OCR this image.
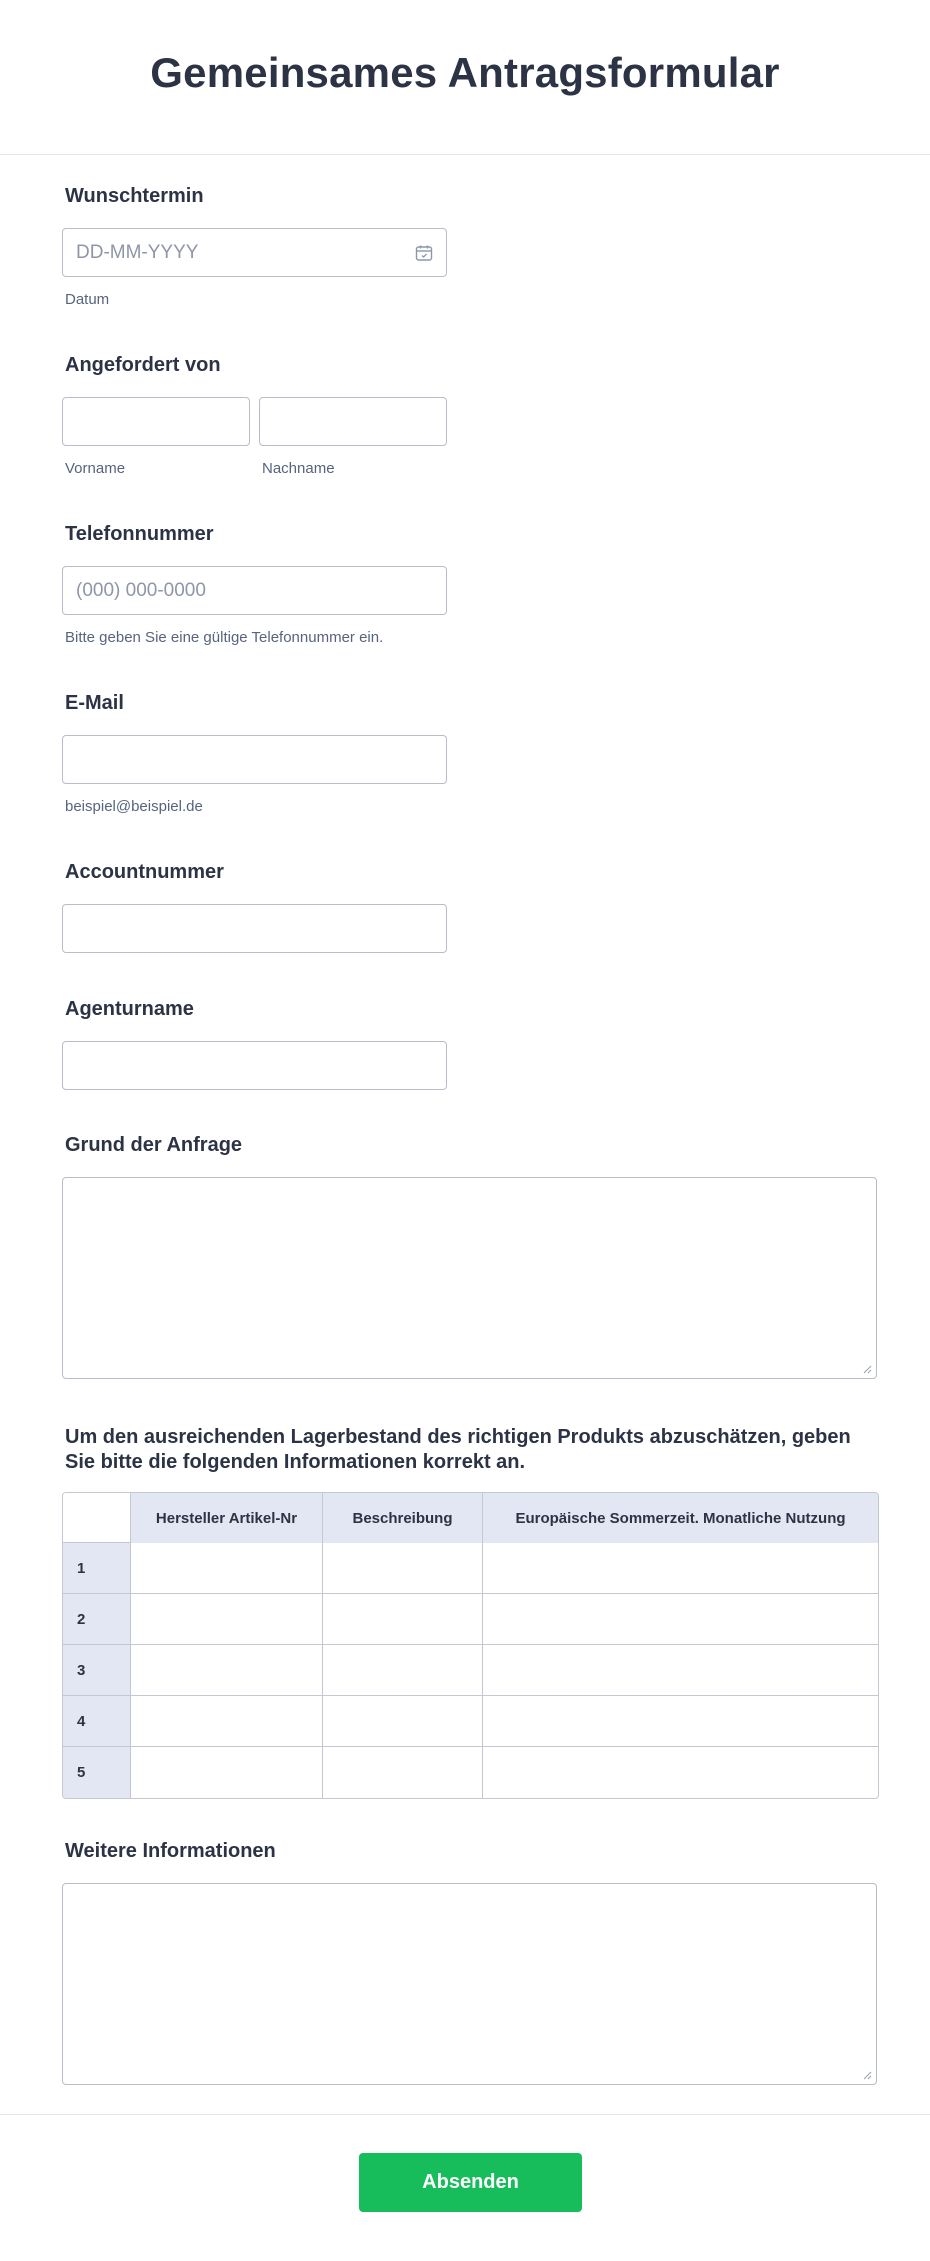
Gemeinsames Antragsformular
Wunschtermin
DD-MM-YYYY
Datum
Angefordert von
Vorname	Nachname
Telefonnummer
(000) 000-0000
Bitte geben Sie eine gültige Telefonnummer ein.
E-Mail
beispiel@beispiel.de
Accountnummer
Agenturname
Grund der Anfrage
Um den ausreichenden Lagerbestand des richtigen Produkts abzuschätzen, geben Sie bitte die folgenden Informationen korrekt an.
	Hersteller Artikel-Nr	Beschreibung	Europäische Sommerzeit. Monatliche Nutzung
1			
2			
3			
4			
5			
Weitere Informationen
Absenden
